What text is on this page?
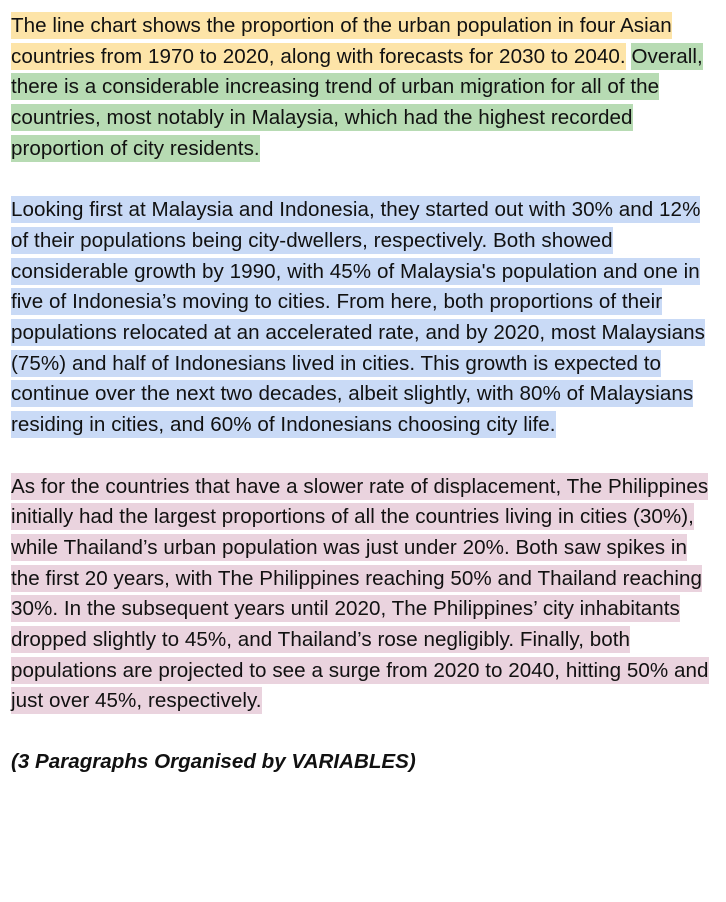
The line chart shows the proportion of the urban population in four Asian countries from 1970 to 2020, along with forecasts for 2030 to 2040. Overall, there is a considerable increasing trend of urban migration for all of the countries, most notably in Malaysia, which had the highest recorded proportion of city residents.

Looking first at Malaysia and Indonesia, they started out with 30% and 12% of their populations being city-dwellers, respectively. Both showed considerable growth by 1990, with 45% of Malaysia's population and one in five of Indonesia’s moving to cities. From here, both proportions of their populations relocated at an accelerated rate, and by 2020, most Malaysians (75%) and half of Indonesians lived in cities. This growth is expected to continue over the next two decades, albeit slightly, with 80% of Malaysians residing in cities, and 60% of Indonesians choosing city life.

As for the countries that have a slower rate of displacement, The Philippines initially had the largest proportions of all the countries living in cities (30%), while Thailand’s urban population was just under 20%. Both saw spikes in the first 20 years, with The Philippines reaching 50% and Thailand reaching 30%. In the subsequent years until 2020, The Philippines’ city inhabitants dropped slightly to 45%, and Thailand’s rose negligibly. Finally, both populations are projected to see a surge from 2020 to 2040, hitting 50% and just over 45%, respectively.

(3 Paragraphs Organised by VARIABLES)
